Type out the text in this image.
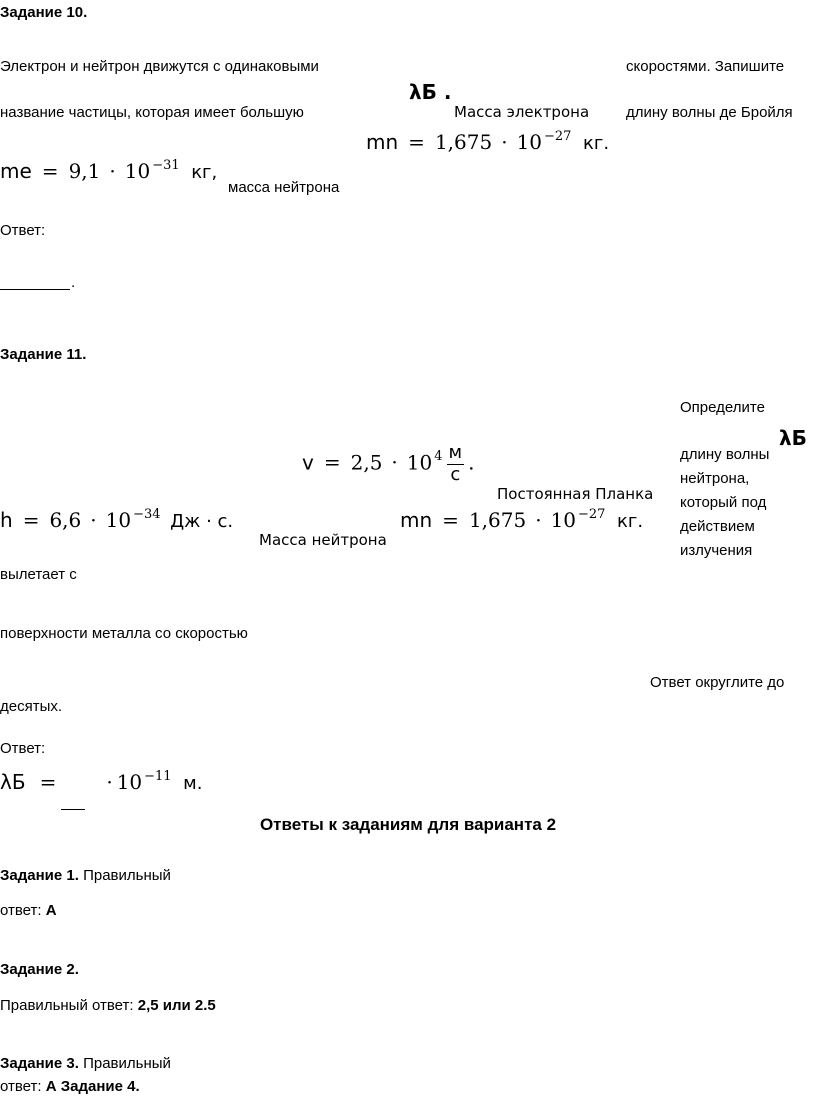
Задание 10.
Электрон и нейтрон движутся с одинаковыми	скоростями. Запишите
название частицы, которая имеет большую
λБ .
Масса электрона длину волны де Бройля
mn = 1,675 · 10 $^{-27}$ кг.
me = 9,1 · 10 $^{-31}$ кг,
масса нейтрона
Ответ:
.
Задание 11.
Определите
λБ
длину волны
нейтрона,
который под
действием
излучения
v = 2,5 · 10 $^4 \frac{м}{с}$ .
Постоянная Планка
h = 6,6 · 10 $^{-34}$ Дж · с.
Масса нейтрона
mn = 1,675 · 10 $^{-27}$ кг.
вылетает с
поверхности металла со скоростью
Ответ округлите до
десятых.
Ответ:
λБ =	· 10 $^{-11}$ м.
Ответы к заданиям для варианта 2
Задание 1. Правильный
ответ: А
Задание 2.
Правильный ответ: 2,5 или 2.5
Задание 3. Правильный
ответ: А Задание 4.
